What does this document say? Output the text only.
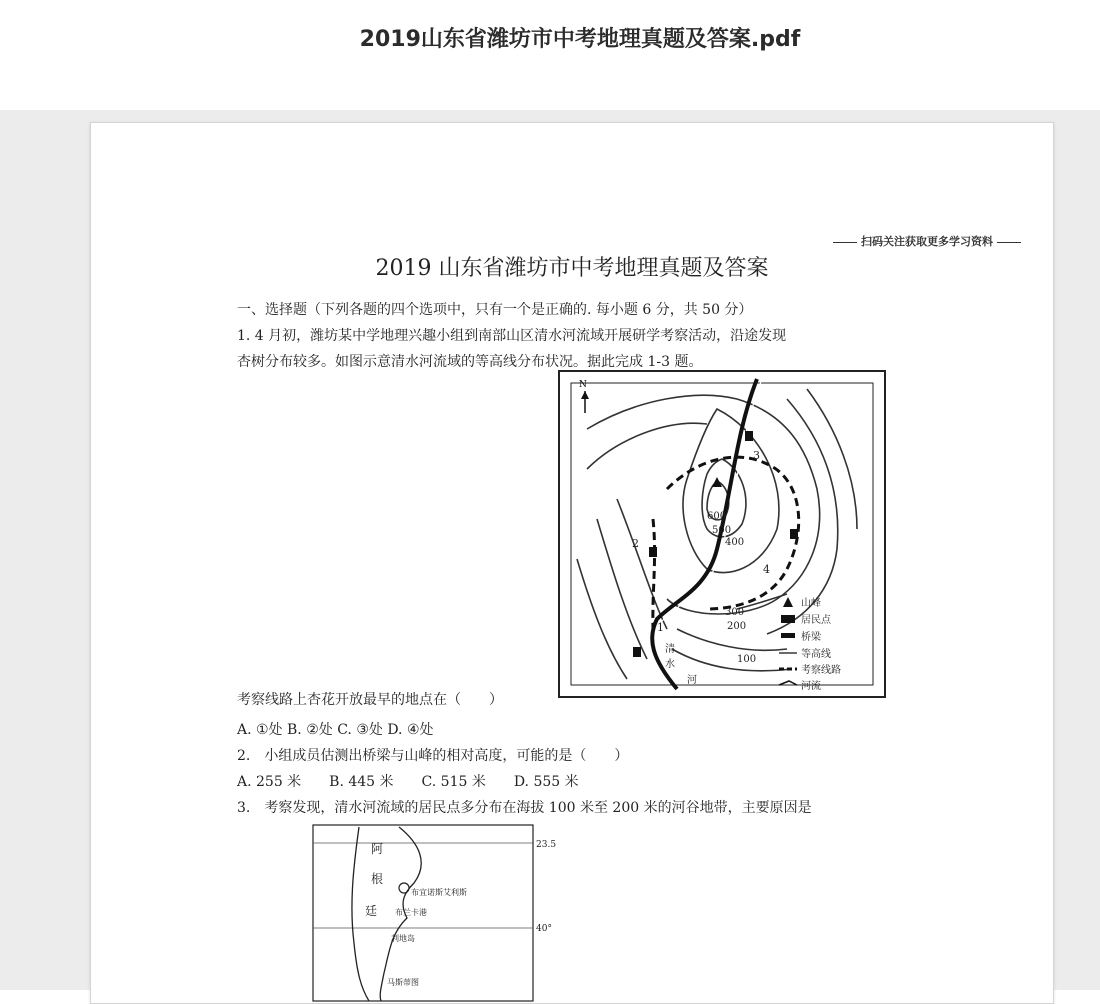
2019山东省潍坊市中考地理真题及答案.pdf
扫码关注获取更多学习资料
2019 山东省潍坊市中考地理真题及答案
一、选择题（下列各题的四个选项中，只有一个是正确的. 每小题 6 分，共 50 分）
1. 4 月初，潍坊某中学地理兴趣小组到南部山区清水河流域开展研学考察活动，沿途发现
杏树分布较多。如图示意清水河流域的等高线分布状况。据此完成 1-3 题。
N
600
500
400
300
200
100
1
2
3
4
清
水
河
山峰
居民点
桥梁
等高线
考察线路
河流
考察线路上杏花开放最早的地点在（　　）
A. ①处 B. ②处 C. ③处 D. ④处
2.　小组成员估测出桥梁与山峰的相对高度，可能的是（　　）
A. 255 米　　B. 445 米　　C. 515 米　　D. 555 米
3.　考察发现，清水河流域的居民点多分布在海拔 100 米至 200 米的河谷地带，主要原因是
阿
根
廷
布宜诺斯艾利斯
布兰卡港
利地岛
马斯蒂图
23.5
40°
